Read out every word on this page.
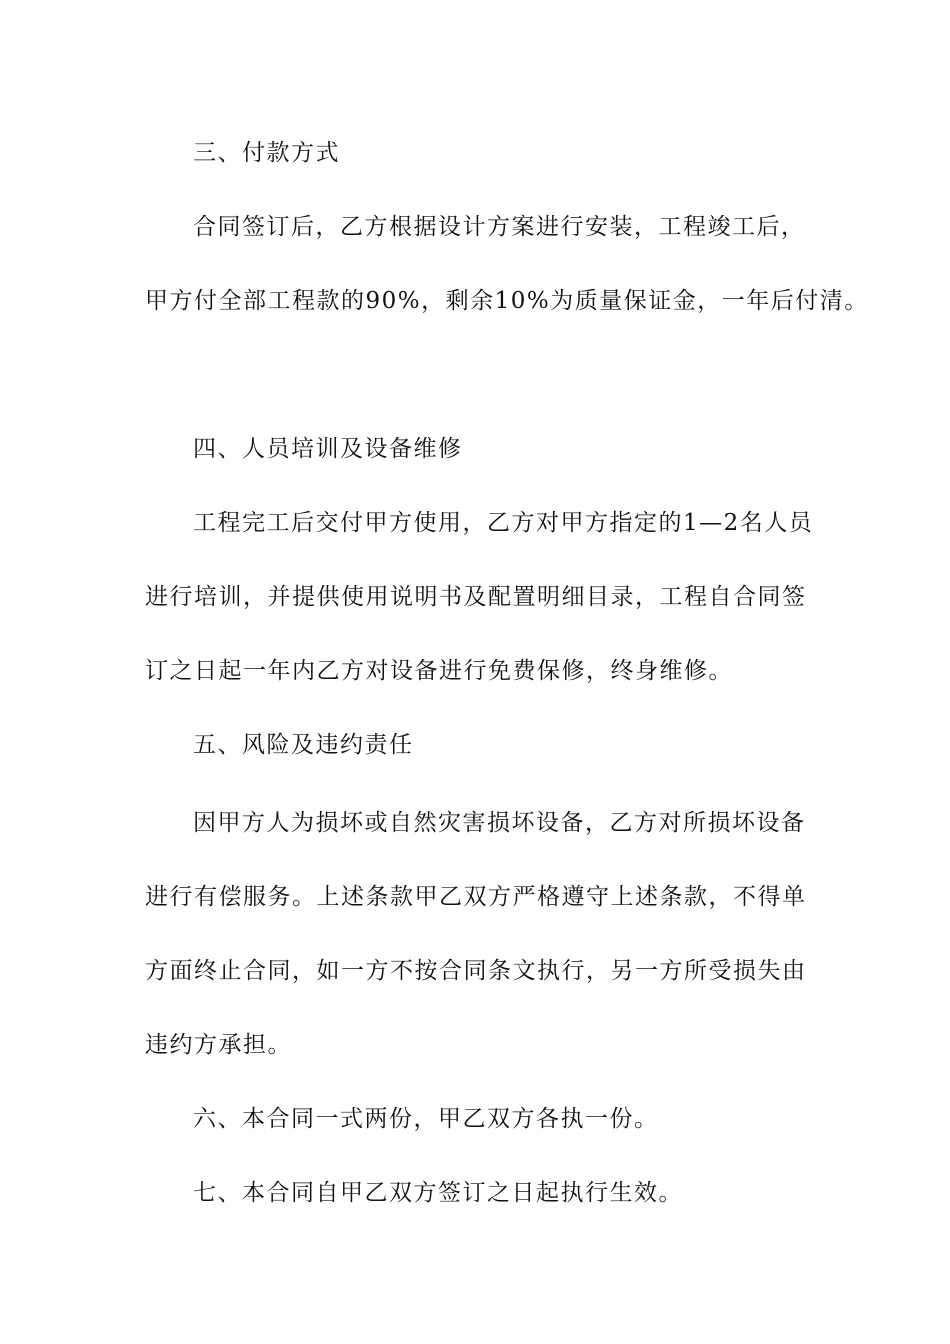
三、付款方式
合同签订后，乙方根据设计方案进行安装，工程竣工后，
甲方付全部工程款的90%，剩余10%为质量保证金，一年后付清。
四、人员培训及设备维修
工程完工后交付甲方使用，乙方对甲方指定的1—2名人员
进行培训，并提供使用说明书及配置明细目录，工程自合同签
订之日起一年内乙方对设备进行免费保修，终身维修。
五、风险及违约责任
因甲方人为损坏或自然灾害损坏设备，乙方对所损坏设备
进行有偿服务。上述条款甲乙双方严格遵守上述条款，不得单
方面终止合同，如一方不按合同条文执行，另一方所受损失由
违约方承担。
六、本合同一式两份，甲乙双方各执一份。
七、本合同自甲乙双方签订之日起执行生效。
